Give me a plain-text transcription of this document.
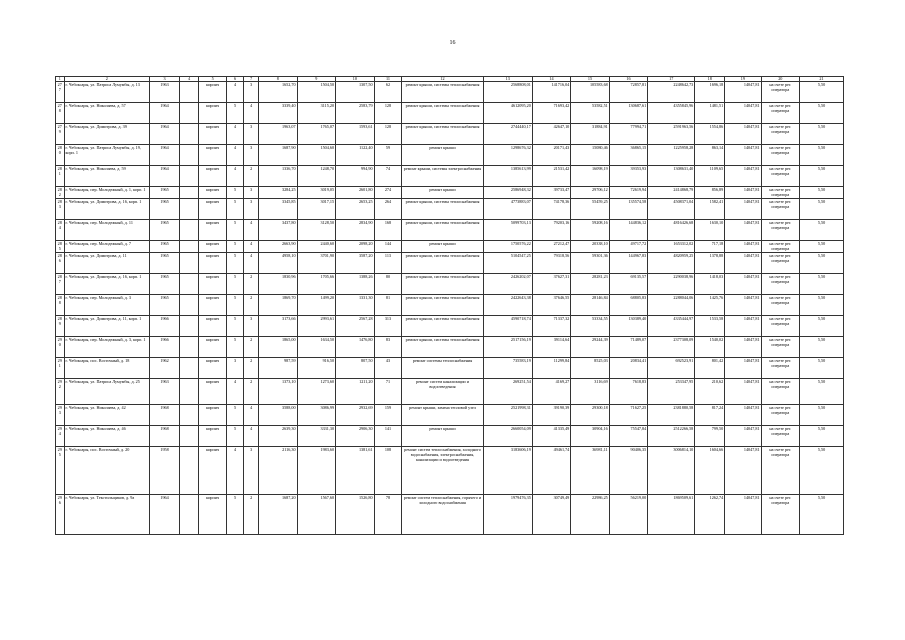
16
1	2	3	4	5	6	7	8	9	10	11	12	13	14	15	16	17	18	19	20	21
277	г. Чебоксары, ул. Патриса Лумумбы, д. 13	1963		кирпич	4	3	1652,70	1504,50	1307,50	62	ремонт крыши, системы теплоснабжения	2568808,01	141716,04	105583,68	72857,81	2248642,73	1696,18	14047,81	на счете рег. оператора	5,50
278	г. Чебоксары, ул. Николаева, д. 57	1964		кирпич	5	4	3339,40	3115,20	2583,79	128	ремонт крыши, системы теплоснабжения	4612095,20	71693,42	53582,51	130687,61	4355845,96	1481,51	14047,81	на счете рег. оператора	5,50
279	г. Чебоксары, ул. Димитрова, д. 39	1964		кирпич	4	3	1963,07	1765,07	1593,61	128	ремонт крыши, системы теплоснабжения	2744440,17	42647,10	31884,91	77994,71	2591963,56	1554,86	14047,81	на счете рег. оператора	5,50
280	г. Чебоксары, ул. Патриса Лумумбы, д. 19, корп. 1	1964		кирпич	4	3	1687,90	1504,60	1122,40	59	ремонт крыши	1298676,32	20171,43	15080,46	36865,15	1225958,28	863,14	14047,81	на счете рег. оператора	5,50
281	г. Чебоксары, ул. Николаева, д. 59	1964		кирпич	4	2	1336,70	1248,70	994,90	74	ремонт крыши, системы электроснабжения	1385613,99	21531,42	16098,19	39353,93	1308631,40	1109,65	14047,81	на счете рег. оператора	5,50
282	г. Чебоксары, пер. Молодежный, д. 1, корп. 1	1965		кирпич	5	3	3284,25	3019,05	2601,80	274	ремонт крыши	2586948,32	39733,47	29706,12	72619,94	2414868,79	856,89	14047,81	на счете рег. оператора	5,50
283	г. Чебоксары, ул. Димитрова, д. 16, корп. 1	1965		кирпич	5	3	3345,85	3017,15	2653,25	264	ремонт крыши, системы теплоснабжения	4773883,07	74178,36	55459,25	135574,58	4508371,04	1582,41	14047,81	на счете рег. оператора	5,50
284	г. Чебоксары, пер. Молодежный, д. 11	1965		кирпич	5	4	3437,80	3128,50	2834,90	168	ремонт крыши, системы теплоснабжения	5099703,13	79203,16	59208,16	144836,12	4816426,68	1630,10	14047,81	на счете рег. оператора	5,50
285	г. Чебоксары, пер. Молодежный, д. 7	1965		кирпич	5	4	2663,90	2440,60	2098,20	144	ремонт крыши	1750576,22	27212,47	20338,10	49717,72	1653312,02	717,18	14047,81	на счете рег. оператора	5,50
286	г. Чебоксары, ул. Димитрова, д. 11	1965		кирпич	5	4	4958,10	3701,90	3587,20	113	ремонт крыши, системы теплоснабжения	5104547,25	79318,56	59301,36	144967,83	4820959,25	1378,88	14047,81	на счете рег. оператора	5,50
287	г. Чебоксары, ул. Димитрова, д. 16, корп. 1	1965		кирпич	5	2	1830,96	1705,66	1388,26	80	ремонт крыши, системы теплоснабжения	2426202,07	37627,31	28281,23	69135,57	2290038,96	1418,03	14047,81	на счете рег. оператора	5,50
288	г. Чебоксары, пер. Молодежный, д. 3	1965		кирпич	5	2	1869,70	1499,20	1331,30	81	ремонт крыши, системы теплоснабжения	2422643,38	37646,55	28146,84	68805,83	2288044,06	1425,76	14047,81	на счете рег. оператора	5,50
289	г. Чебоксары, ул. Димитрова, д. 11, корп. 1	1966		кирпич	5	3	3173,66	2993,61	2567,28	313	ремонт крыши, системы теплоснабжения	4590718,74	71337,32	53334,55	130389,40	4335444,97	1533,58	14047,81	на счете рег. оператора	5,50
290	г. Чебоксары, пер. Молодежный, д. 3, корп. 1	1966		кирпич	5	2	1865,00	1634,50	1476,80	83	ремонт крыши, системы теплоснабжения	2517156,19	39114,64	29244,39	71489,07	2377308,09	1540,02	14047,81	на счете рег. оператора	5,50
291	г. Чебоксары, пос. Восточный, д. 18	1962		кирпич	3	2	987,59	916,50	807,50	43	ремонт системы теплоснабжения	735583,19	11299,84	8525,03	20834,41	692523,91	801,42	14047,81	на счете рег. оператора	5,50
292	г. Чебоксары, ул. Патриса Лумумбы, д. 25	1963		кирпич	4	2	1373,10	1273,60	1211,20	71	ремонт систем канализации и водоотведения	269251,54	4169,27	3116,69	7618,83	253347,95	210,62	14047,81	на счете рег. оператора	5,50
293	г. Чебоксары, ул. Николаева, д. 42	1968		кирпич	5	4	3588,00	3086,99	2932,69	159	ремонт крыши, замена тепловой узел	2521998,31	39190,39	29300,18	71627,25	2381880,58	817,24	14047,81	на счете рег. оператора	5,50
294	г. Чебоксары, ул. Николаева, д. 46	1968		кирпич	5	4	2639,30	3331,30	2906,30	141	ремонт крыши	2660054,09	41335,49	30904,16	75547,84	2512266,58	799,50	14047,81	на счете рег. оператора	5,50
295	г. Чебоксары, пос. Восточный, д. 20	1958		кирпич	4	3	2116,30	1983,60	1381,61	108	ремонт систем теплоснабжения, холодного водоснабжения, электроснабжения, канализации и водоотведения	3183606,19	49461,74	36981,11	90406,35	3006814,10	1604,66	14047,81	на счете рег. оператора	5,50
296	г. Чебоксары, ул. Текстильщиков, д. 9а	1964		кирпич	5	2	1687,20	1567,60	1526,80	78	ремонт систем теплоснабжения, горячего и холодного водоснабжения	1979476,35	30749,49	22986,25	56219,00	1869509,61	1262,74	14047,81	на счете рег. оператора	5,50
